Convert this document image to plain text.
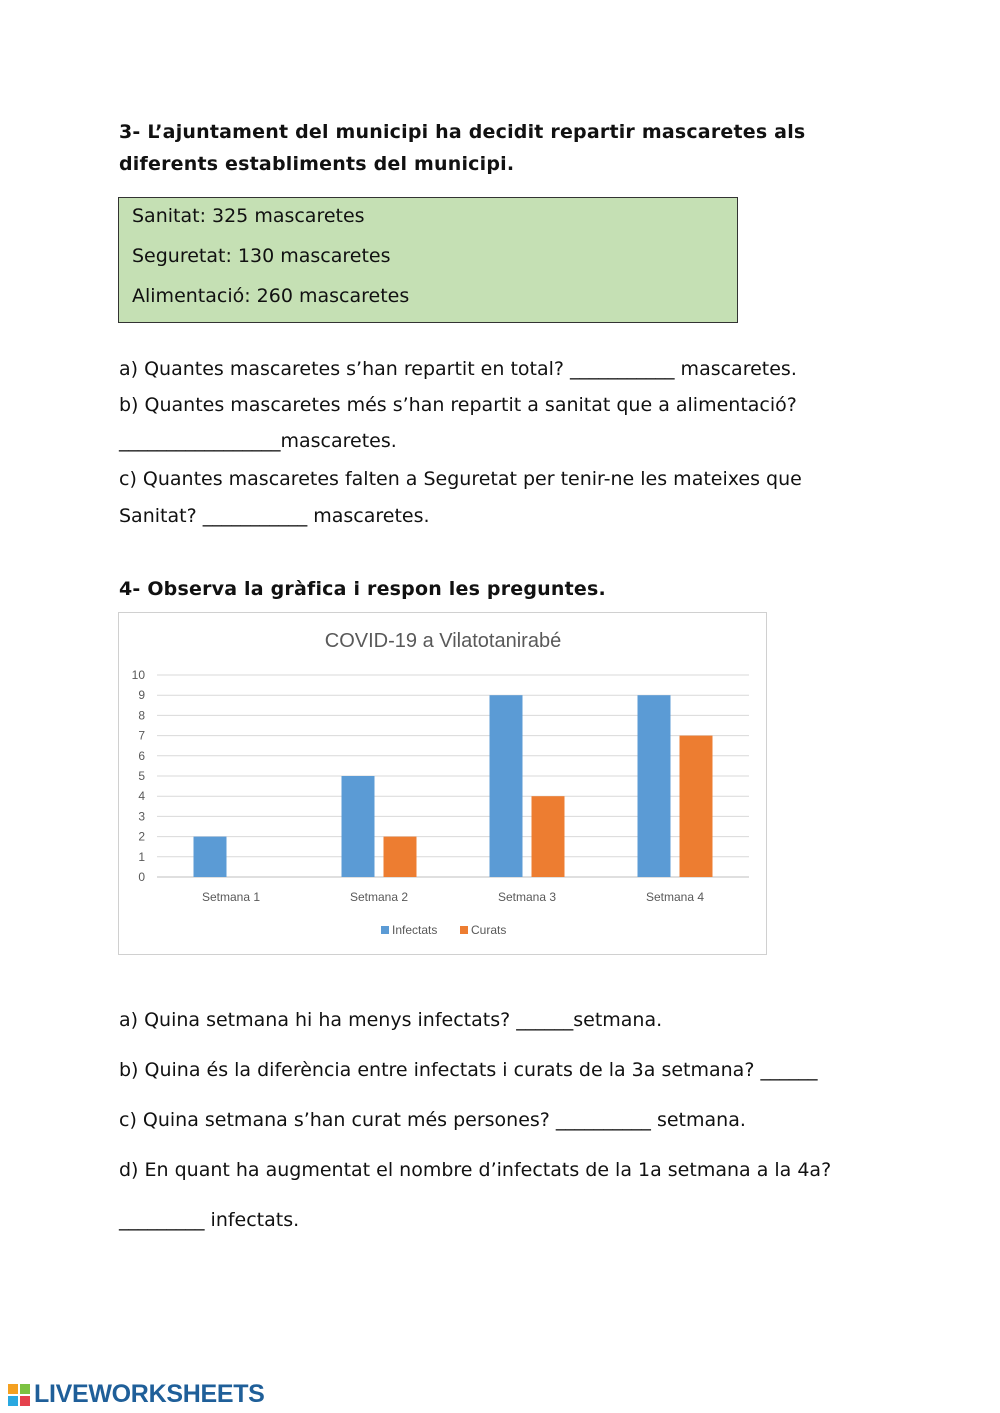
3- L’ajuntament del municipi ha decidit repartir mascaretes als
diferents establiments del municipi.
Sanitat: 325 mascaretes
Seguretat: 130 mascaretes
Alimentació: 260 mascaretes
a) Quantes mascaretes s’han repartit en total? ___________ mascaretes.
b) Quantes mascaretes més s’han repartit a sanitat que a alimentació?
_________________mascaretes.
c) Quantes mascaretes falten a Seguretat per tenir-ne les mateixes que
Sanitat? ___________ mascaretes.
4- Observa la gràfica i respon les preguntes.
COVID-19 a Vilatotanirabé
0
1
2
3
4
5
6
7
8
9
10
Setmana 1	Setmana 2	Setmana 3	Setmana 4
Infectats	Curats
a) Quina setmana hi ha menys infectats? ______setmana.
b) Quina és la diferència entre infectats i curats de la 3a setmana? ______
c) Quina setmana s’han curat més persones? __________ setmana.
d) En quant ha augmentat el nombre d’infectats de la 1a setmana a la 4a?
_________ infectats.
LIVEWORKSHEETS
